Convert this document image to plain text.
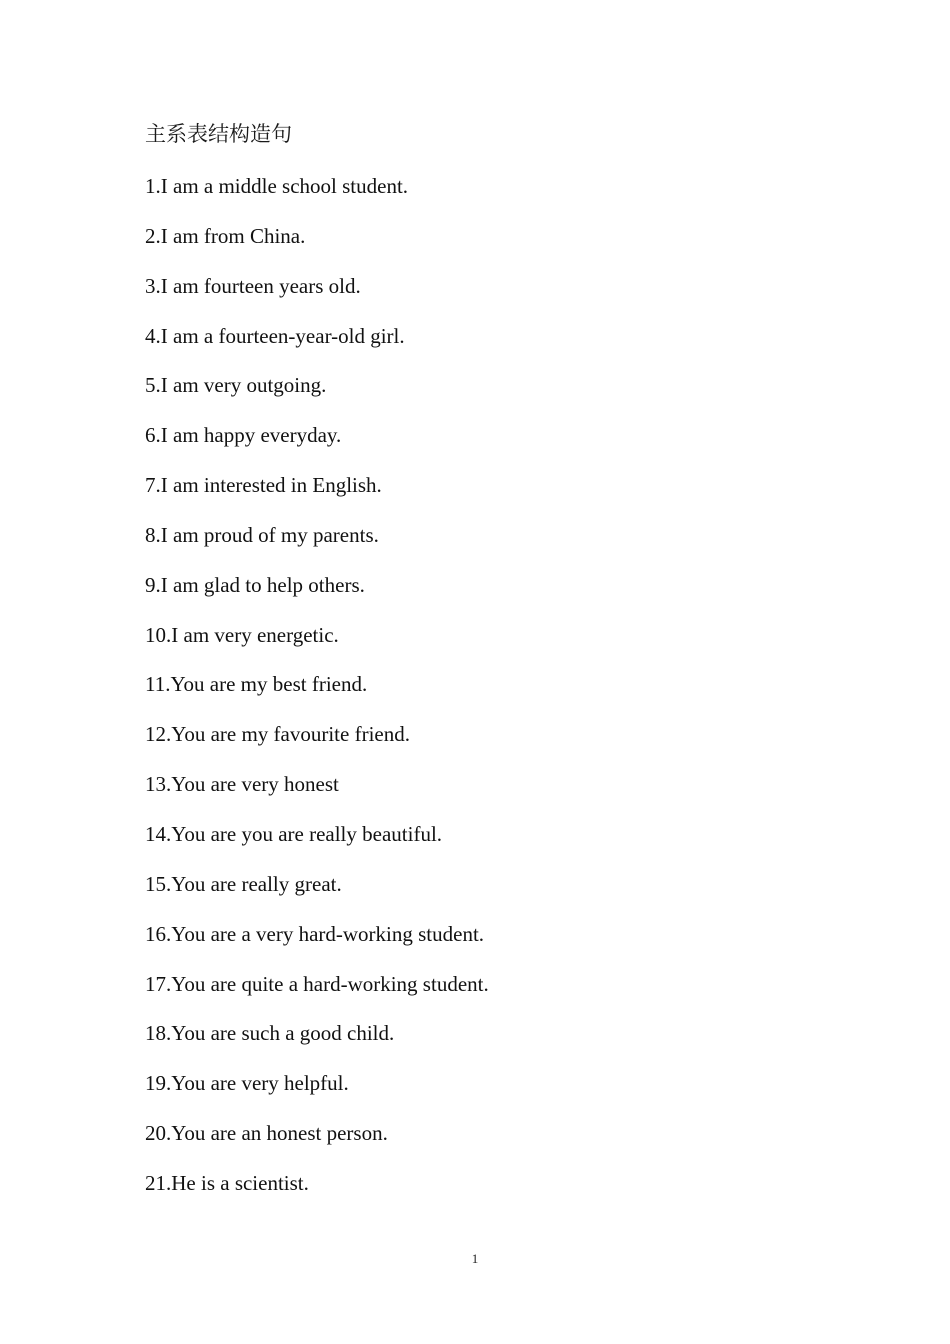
主系表结构造句
1.I am a middle school student.
2.I am from China.
3.I am fourteen years old.
4.I am a fourteen-year-old girl.
5.I am very outgoing.
6.I am happy everyday.
7.I am interested in English.
8.I am proud of my parents.
9.I am glad to help others.
10.I am very energetic.
11.You are my best friend.
12.You are my favourite friend.
13.You are very honest
14.You are you are really beautiful.
15.You are really great.
16.You are a very hard-working student.
17.You are quite a hard-working student.
18.You are such a good child.
19.You are very helpful.
20.You are an honest person.
21.He is a scientist.
1
